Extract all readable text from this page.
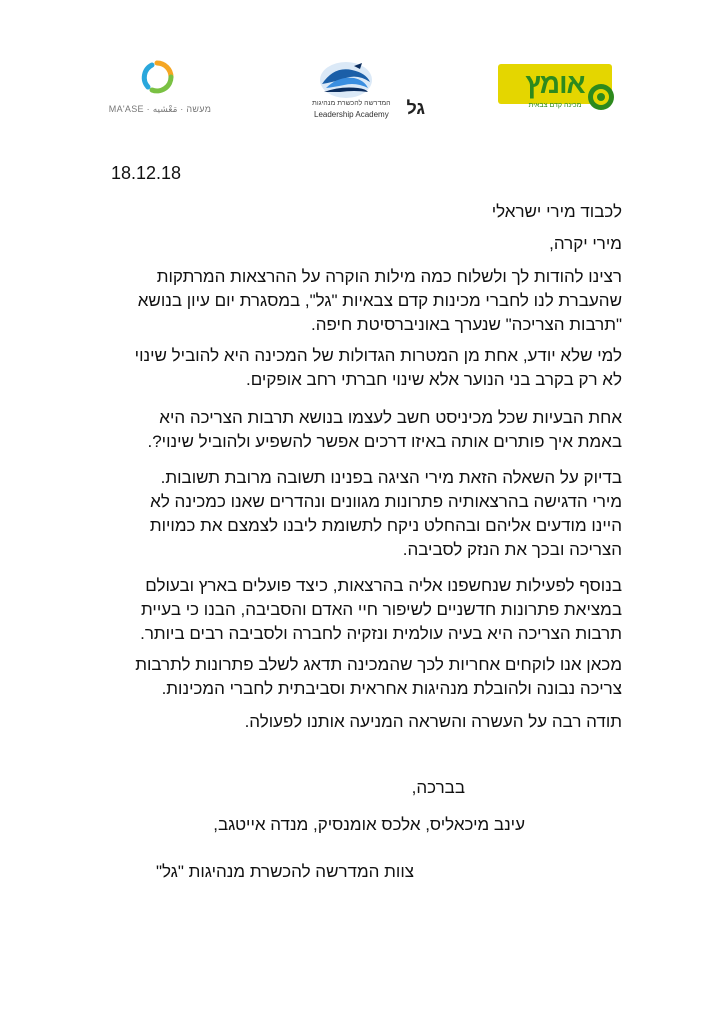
MA'ASE · מעשה · مَعْشيه	גל
המדרשה להכשרת מנהיגות
Leadership Academy
אומץ
מכינה קדם צבאית
18.12.18
לכבוד מירי ישראלי
מירי יקרה,
רצינו להודות לך ולשלוח כמה מילות הוקרה על ההרצאות המרתקות
שהעברת לנו לחברי מכינות קדם צבאיות "גל", במסגרת יום עיון בנושא
"תרבות הצריכה" שנערך באוניברסיטת חיפה.
למי שלא יודע, אחת מן המטרות הגדולות של המכינה היא להוביל שינוי
לא רק בקרב בני הנוער אלא שינוי חברתי רחב אופקים.
אחת הבעיות שכל מכיניסט חשב לעצמו בנושא תרבות הצריכה היא
באמת איך פותרים אותה באיזו דרכים אפשר להשפיע ולהוביל שינוי?.
בדיוק על השאלה הזאת מירי הציגה בפנינו תשובה מרובת תשובות.
מירי הדגישה בהרצאותיה פתרונות מגוונים ונהדרים שאנו כמכינה לא
היינו מודעים אליהם ובהחלט ניקח לתשומת ליבנו לצמצם את כמויות
הצריכה ובכך את הנזק לסביבה.
בנוסף לפעילות שנחשפנו אליה בהרצאות, כיצד פועלים בארץ ובעולם
במציאת פתרונות חדשניים לשיפור חיי האדם והסביבה, הבנו כי בעיית
תרבות הצריכה היא בעיה עולמית ונזקיה לחברה ולסביבה רבים ביותר.
מכאן אנו לוקחים אחריות לכך שהמכינה תדאג לשלב פתרונות לתרבות
צריכה נבונה ולהובלת מנהיגות אחראית וסביבתית לחברי המכינות.
תודה רבה על העשרה והשראה המניעה אותנו לפעולה.
בברכה,
עינב מיכאליס, אלכס אומנסיק, מנדה אייטגב,
צוות המדרשה להכשרת מנהיגות "גל"
